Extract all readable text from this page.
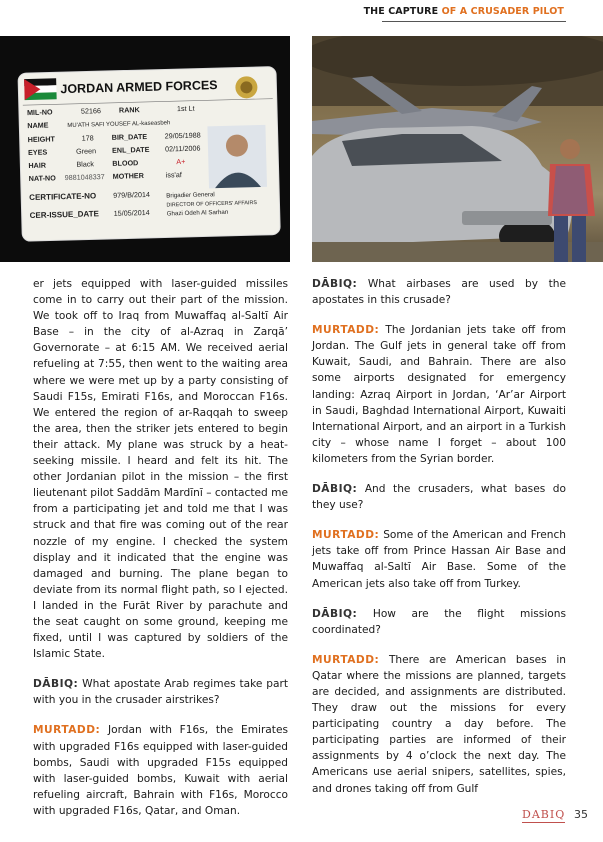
THE CAPTURE OF A CRUSADER PILOT
JORDAN ARMED FORCES
MIL-NO	52166 RANK	1st Lt
NAME	MU'ATH SAFI YOUSEF AL-kaseasbeh
HEIGHT	178 BIR_DATE 29/05/1988
EYES	Green ENL_DATE 02/11/2006
HAIR	Black	BLOOD	A+
NAT-NO 9881048337 MOTHER	iss'af
CERTIFICATE-NO 979/B/2014
CER-ISSUE_DATE 15/05/2014
Brigadier General
DIRECTOR OF OFFICERS' AFFAIRS
Ghazi Odeh Al Sarhan

er jets equipped with laser-guided missiles come in to carry out their part of the mission. We took off to Iraq from Muwaffaq al-Saltī Air Base – in the city of al-Azraq in Zarqā’ Governorate – at 6:15 AM. We received aerial refueling at 7:55, then went to the waiting area where we were met up by a party consisting of Saudi F15s, Emirati F16s, and Moroccan F16s. We entered the region of ar-Raqqah to sweep the area, then the striker jets entered to begin their attack. My plane was struck by a heat-seeking missile. I heard and felt its hit. The other Jordanian pilot in the mission – the first lieutenant pilot Saddām Mardīnī – contacted me from a participating jet and told me that I was struck and that fire was coming out of the rear nozzle of my engine. I checked the system display and it indicated that the engine was damaged and burning. The plane began to deviate from its normal flight path, so I ejected. I landed in the Furāt River by parachute and the seat caught on some ground, keeping me fixed, until I was captured by soldiers of the Islamic State.

DĀBIQ: What apostate Arab regimes take part with you in the crusader airstrikes?

MURTADD: Jordan with F16s, the Emirates with upgraded F16s equipped with laser-guided bombs, Saudi with upgraded F15s equipped with laser-guided bombs, Kuwait with aerial refueling aircraft, Bahrain with F16s, Morocco with upgraded F16s, Qatar, and Oman.

DĀBIQ: What airbases are used by the apostates in this crusade?

MURTADD: The Jordanian jets take off from Jordan. The Gulf jets in general take off from Kuwait, Saudi, and Bahrain. There are also some airports designated for emergency landing: Azraq Airport in Jordan, ‘Ar’ar Airport in Saudi, Baghdad International Airport, Kuwaiti International Airport, and an airport in a Turkish city – whose name I forget – about 100 kilometers from the Syrian border.

DĀBIQ: And the crusaders, what bases do they use?

MURTADD: Some of the American and French jets take off from Prince Hassan Air Base and Muwaffaq al-Saltī Air Base. Some of the American jets also take off from Turkey.

DĀBIQ: How are the flight missions coordinated?

MURTADD: There are American bases in Qatar where the missions are planned, targets are decided, and assignments are distributed. They draw out the missions for every participating country a day before. The participating parties are informed of their assignments by 4 o’clock the next day. The Americans use aerial snipers, satellites, spies, and drones taking off from Gulf

DABIQ 35
